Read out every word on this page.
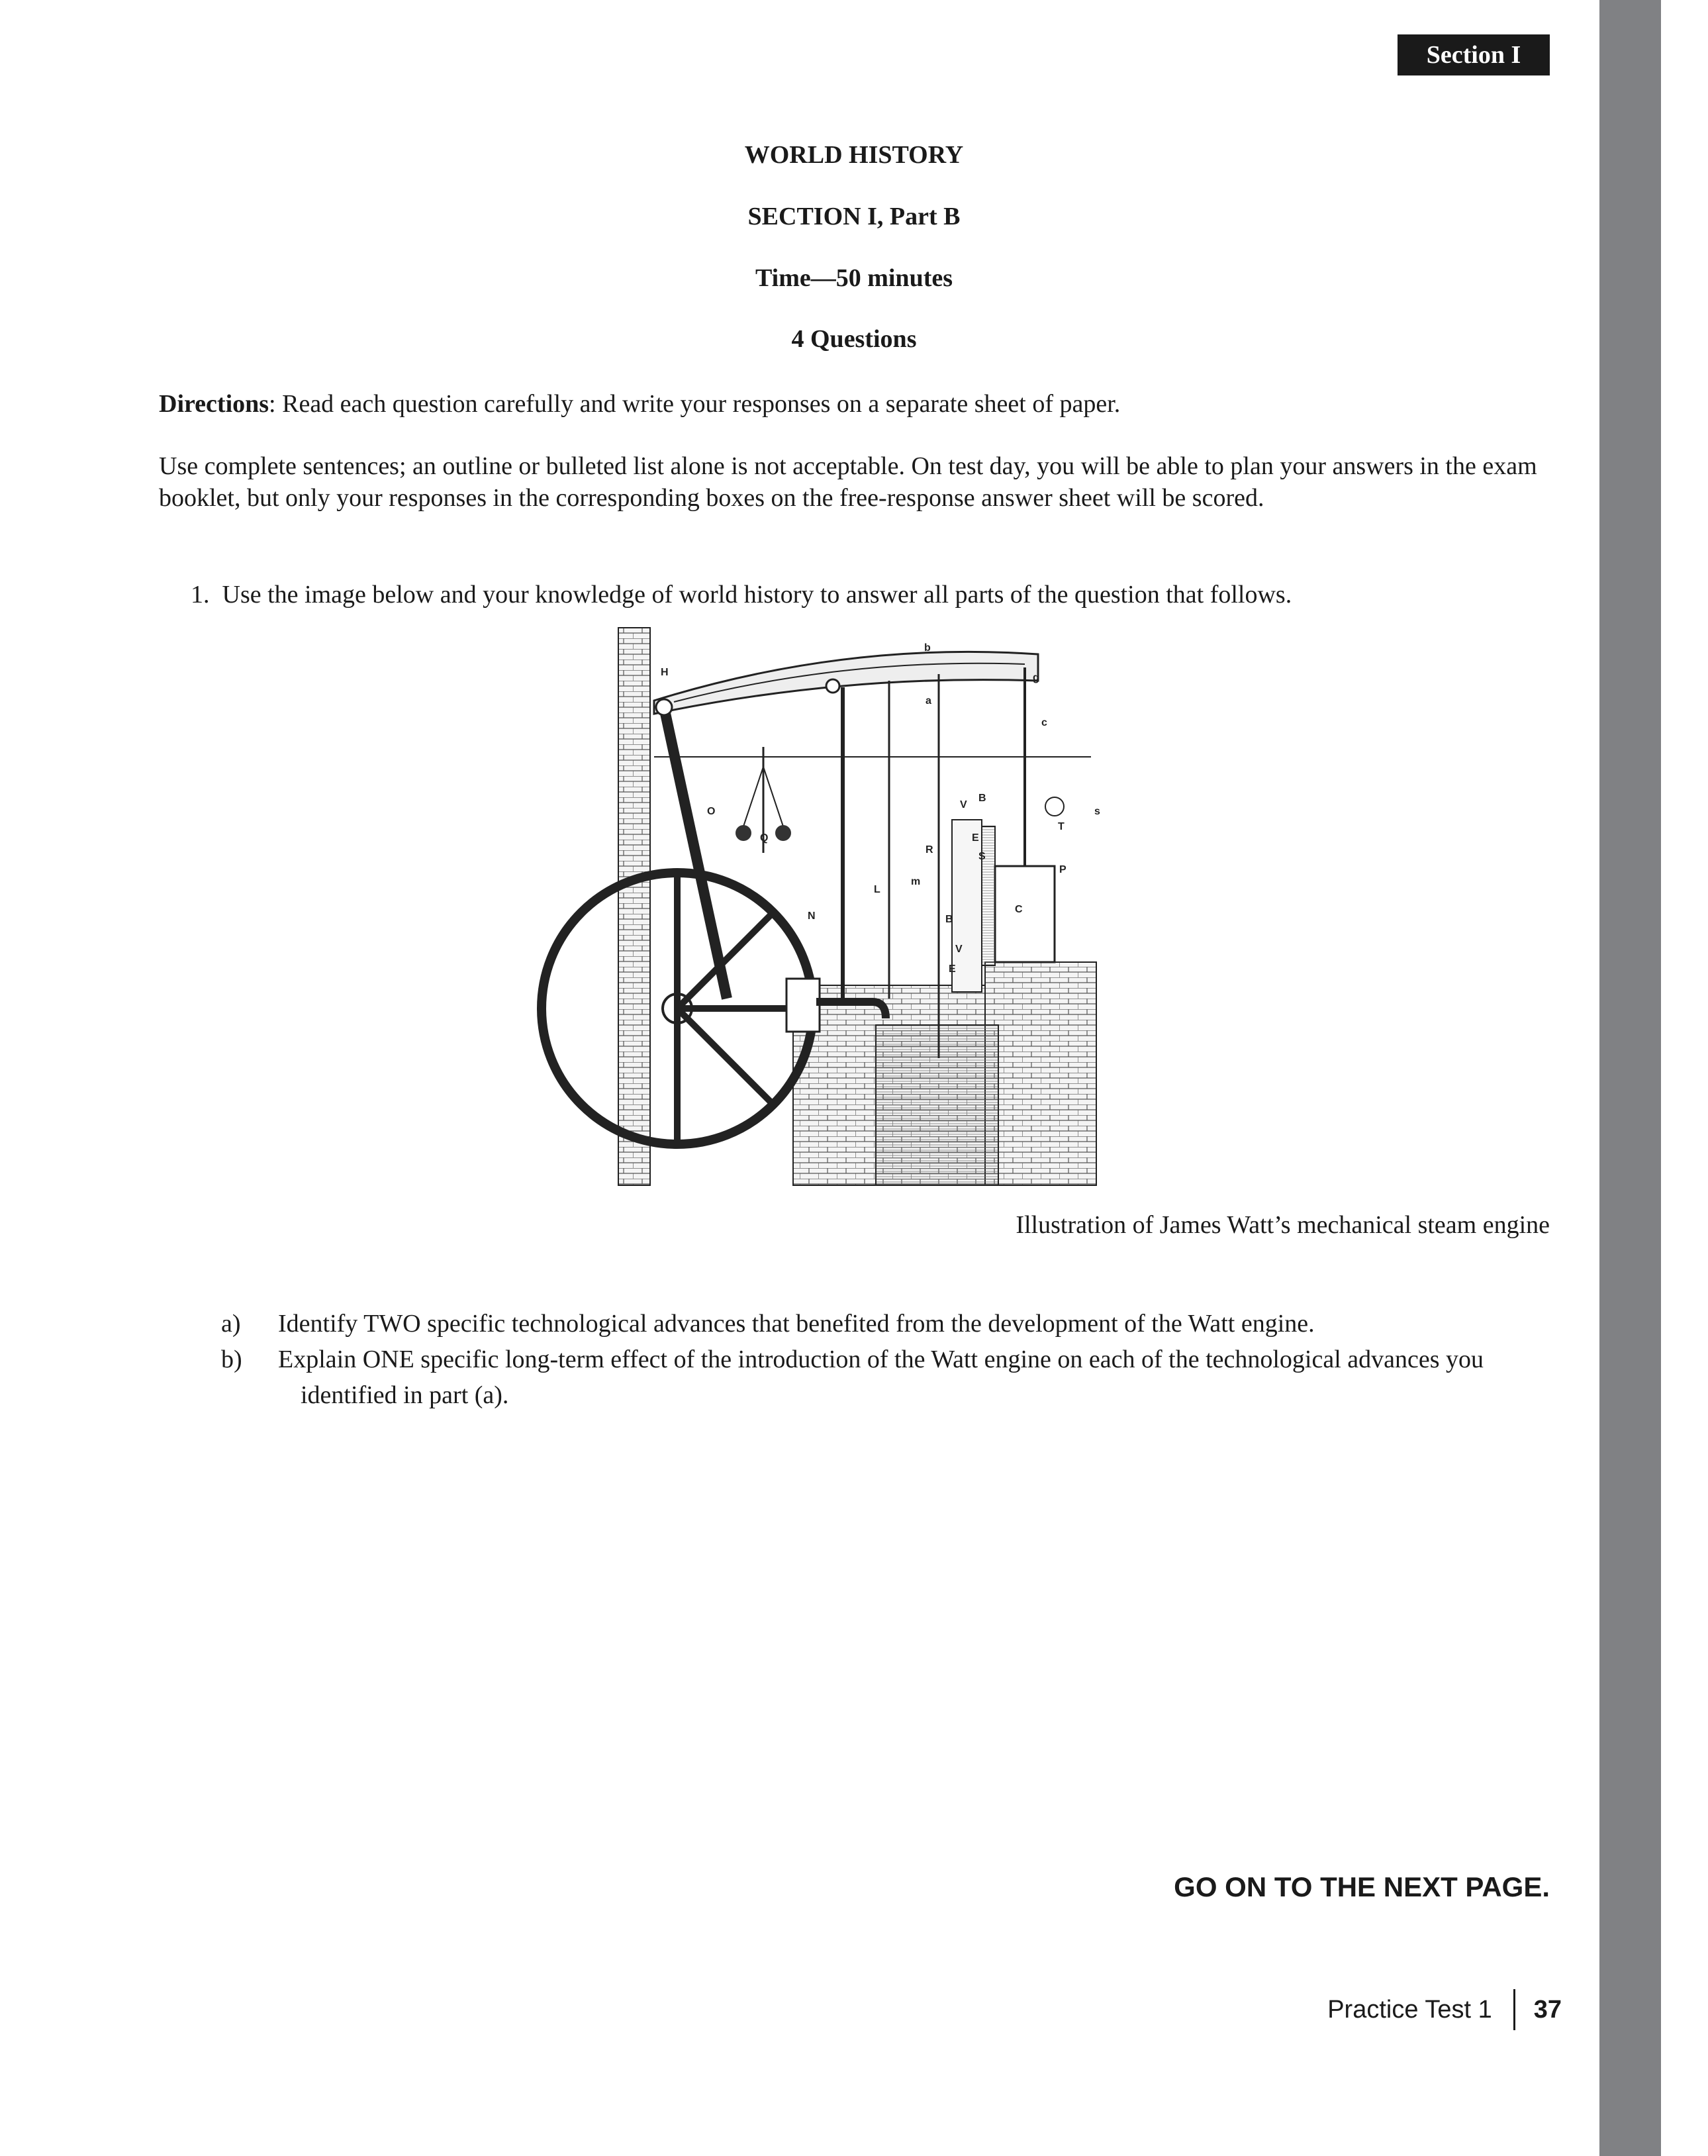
Section I
WORLD HISTORY
SECTION I, Part B
Time—50 minutes
4 Questions
Directions: Read each question carefully and write your responses on a separate sheet of paper.
Use complete sentences; an outline or bulleted list alone is not acceptable. On test day, you will be able to plan your answers in the exam booklet, but only your responses in the corresponding boxes on the free-response answer sheet will be scored.
1. Use the image below and your knowledge of world history to answer all parts of the question that follows.
H
b
g
a
c
O
Q
V
B
E
R
m
L
N
S
T
P
C
B
V
E
s
Illustration of James Watt’s mechanical steam engine
a) Identify TWO specific technological advances that benefited from the development of the Watt engine.
b) Explain ONE specific long-term effect of the introduction of the Watt engine on each of the technological advances you
identified in part (a).
GO ON TO THE NEXT PAGE.
Practice Test 1 37
